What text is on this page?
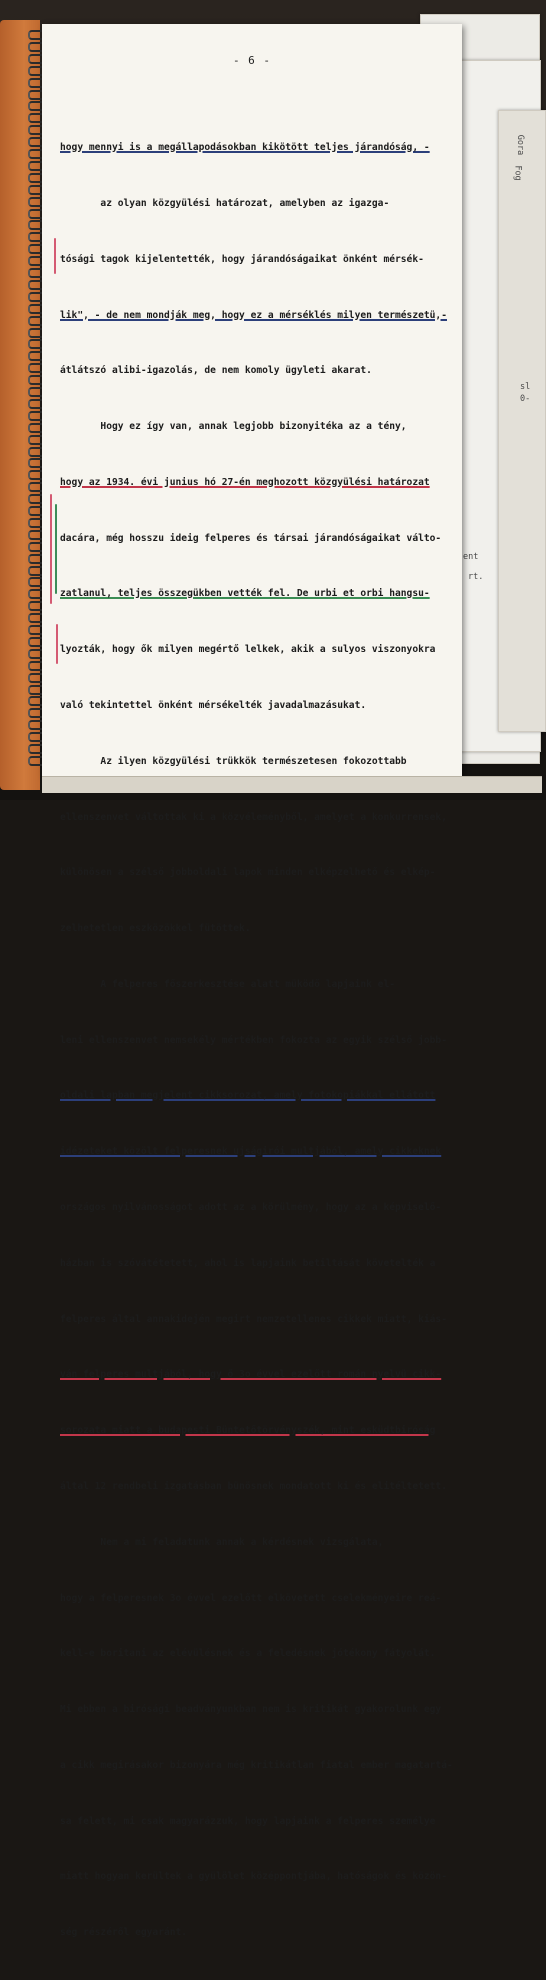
Gora
Fog
sl
0-
ent
rt.
- 6 -

hogy mennyi is a megállapodásokban kikötött teljes járandóság, -

az olyan közgyülési határozat, amelyben az igazga-

tósági tagok kijelentették, hogy járandóságaikat önként mérsék-

lik", - de nem mondják meg, hogy ez a mérséklés milyen természetü,-

átlátszó alibi-igazolás, de nem komoly ügyleti akarat.

Hogy ez így van, annak legjobb bizonyitéka az a tény,

hogy az 1934. évi junius hó 27-én meghozott közgyülési határozat

dacára, még hosszu ideig felperes és társai járandóságaikat válto-

zatlanul, teljes összegükben vették fel. De urbi et orbi hangsu-

lyozták, hogy ők milyen megértő lelkek, akik a sulyos viszonyokra

való tekintettel önként mérsékelték javadalmazásukat.

Az ilyen közgyülési trükkök természetesen fokozottabb

ellenszenvet váltottak ki a közvéleményből, amelyet a konkurrensek,

különösen a szélső jobboldali lapok minden elképzelhető és elkép-

zelhetetlen eszközökkel fütöttek.

A felperes főszerkesztése alatt müködő lapjaink el-

leni ellenszenvet nemsekély mértékben fokozta az egyik szélső jobb-

oldali lapban megjelent cikksorozat, amely fotokopiákkal ellátott

idézeteket közölt felperesnek ujságirói multjából, amely cikkeknek

országos nyilvánosságot adott az a körülmény, hogy az a képviselő-

házban is szóvátétetett, ahol is lapjaink betiltását követelték a

felperes által annakidején megirt nemzetellenes cikkek miatt, kiás-

ván felperes multjából, hogy ő 3o évvel ezelőtt román nyelvü cikk-

sorozata miatt a budapesti Büntetőtörvényszék, mint esküdtbiróság

által 12 rendbeli izgatásban bünösnek mondatott ki és elitéltetett.

Nem a mi feladatunk annak a kérdésnek vizsgálata,

hogy a felperesnek 3o évvel ezelőtt elkövetett cselekményeire reá-

kell-e boritani az elévülésnek és a feledésnek jótékony fátyolát.

Mi ebben a birósági beadványunkban nem is kritikát gyakorolunk egy

a cikk megirásakor bizonyára még kritikátlan fiatal ember magatartá-

sa felett, mi csak magyarázzuk, hogy lapjaink a felperes személye

miatt hogyan kerültek a gyülölet középpontjába, hatóságok és közön-

ség részéről egyaránt.
